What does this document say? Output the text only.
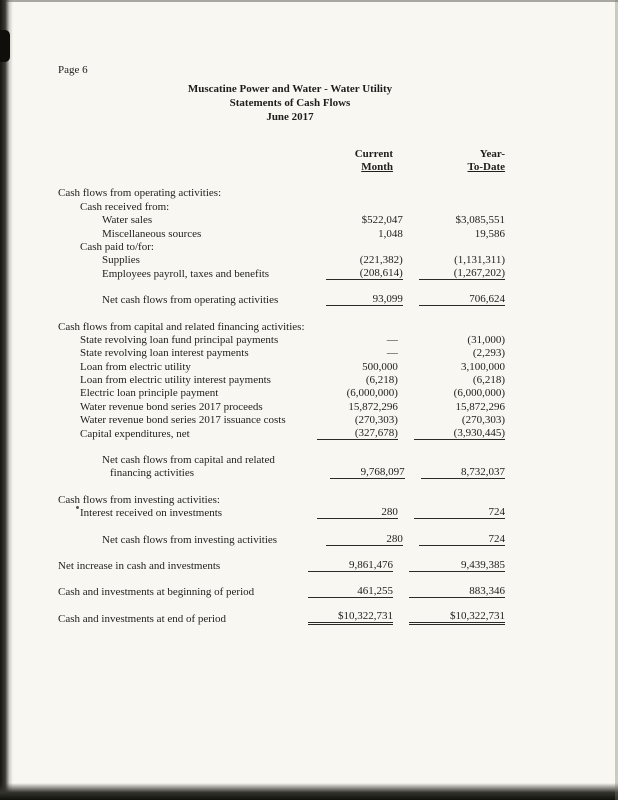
Page 6
Muscatine Power and Water - Water Utility
Statements of Cash Flows
June 2017
Current
Month
Year-
To-Date
Cash flows from operating activities:
Cash received from:
Water sales	$522,047	$3,085,551
Miscellaneous sources	1,048	19,586
Cash paid to/for:
Supplies	(221,382)	(1,131,311)
Employees payroll, taxes and benefits	(208,614)	(1,267,202)
Net cash flows from operating activities	93,099	706,624
Cash flows from capital and related financing activities:
State revolving loan fund principal payments	—	(31,000)
State revolving loan interest payments	—	(2,293)
Loan from electric utility	500,000	3,100,000
Loan from electric utility interest payments	(6,218)	(6,218)
Electric loan principle payment	(6,000,000)	(6,000,000)
Water revenue bond series 2017 proceeds	15,872,296	15,872,296
Water revenue bond series 2017 issuance costs	(270,303)	(270,303)
Capital expenditures, net	(327,678)	(3,930,445)
Net cash flows from capital and related
financing activities	9,768,097	8,732,037
Cash flows from investing activities:
Interest received on investments	280	724
Net cash flows from investing activities	280	724
Net increase in cash and investments	9,861,476	9,439,385
Cash and investments at beginning of period	461,255	883,346
Cash and investments at end of period	$10,322,731	$10,322,731
